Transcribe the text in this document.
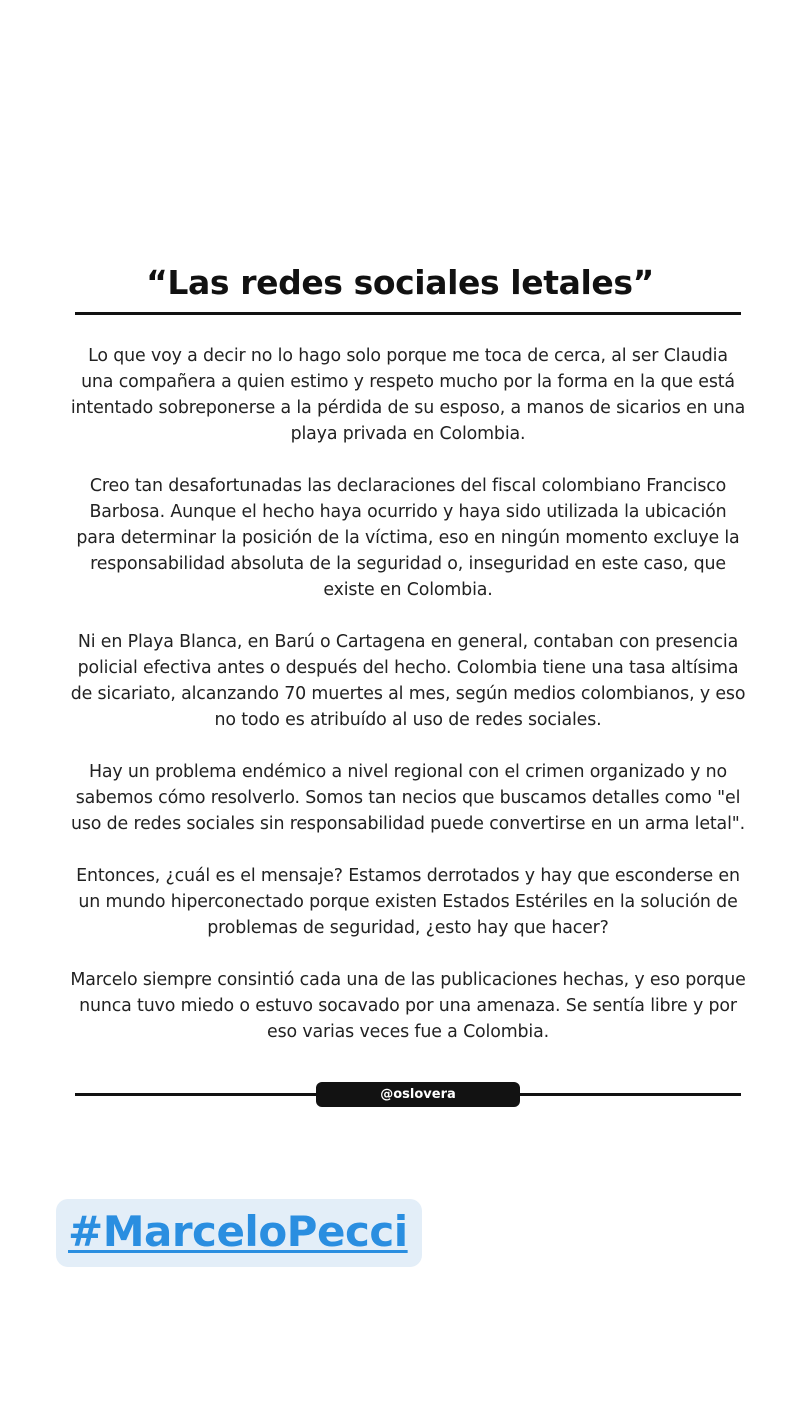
“Las redes sociales letales”

Lo que voy a decir no lo hago solo porque me toca de cerca, al ser Claudia una compañera a quien estimo y respeto mucho por la forma en la que está intentado sobreponerse a la pérdida de su esposo, a manos de sicarios en una playa privada en Colombia.

Creo tan desafortunadas las declaraciones del fiscal colombiano Francisco Barbosa. Aunque el hecho haya ocurrido y haya sido utilizada la ubicación para determinar la posición de la víctima, eso en ningún momento excluye la responsabilidad absoluta de la seguridad o, inseguridad en este caso, que existe en Colombia.

Ni en Playa Blanca, en Barú o Cartagena en general, contaban con presencia policial efectiva antes o después del hecho. Colombia tiene una tasa altísima de sicariato, alcanzando 70 muertes al mes, según medios colombianos, y eso no todo es atribuído al uso de redes sociales.

Hay un problema endémico a nivel regional con el crimen organizado y no sabemos cómo resolverlo. Somos tan necios que buscamos detalles como "el uso de redes sociales sin responsabilidad puede convertirse en un arma letal".

Entonces, ¿cuál es el mensaje? Estamos derrotados y hay que esconderse en un mundo hiperconectado porque existen Estados Estériles en la solución de problemas de seguridad, ¿esto hay que hacer?

Marcelo siempre consintió cada una de las publicaciones hechas, y eso porque nunca tuvo miedo o estuvo socavado por una amenaza. Se sentía libre y por eso varias veces fue a Colombia.

@oslovera
#MarceloPecci
